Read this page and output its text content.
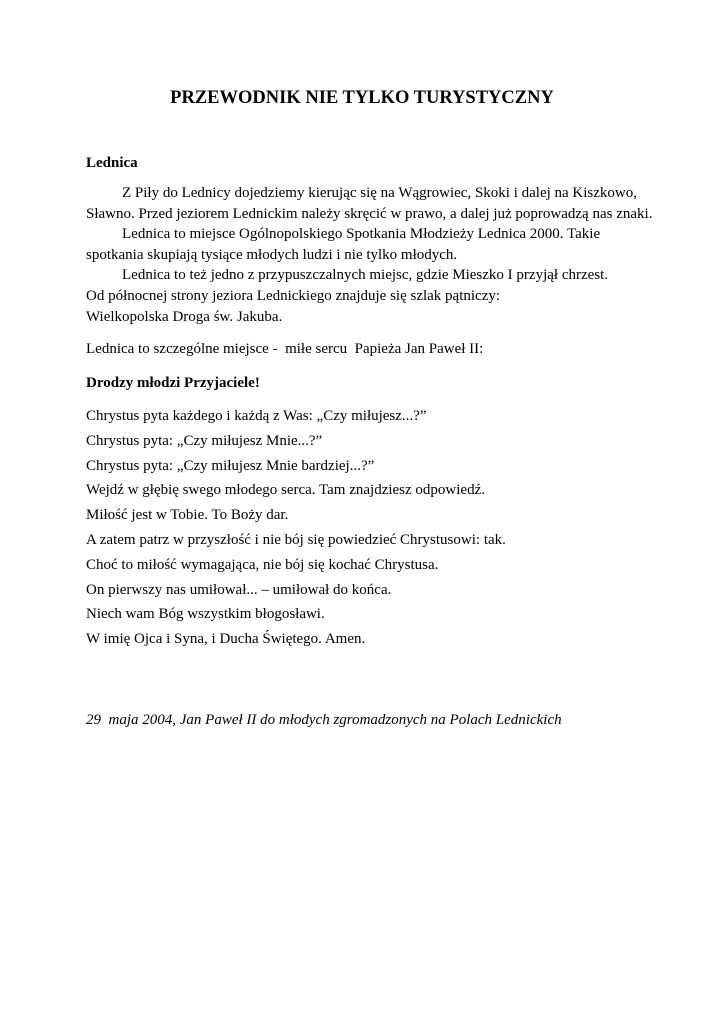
PRZEWODNIK NIE TYLKO TURYSTYCZNY
Lednica
Z Piły do Lednicy dojedziemy kierując się na Wągrowiec, Skoki i dalej na Kiszkowo,
Sławno. Przed jeziorem Lednickim należy skręcić w prawo, a dalej już poprowadzą nas znaki.
Lednica to miejsce Ogólnopolskiego Spotkania Młodzieży Lednica 2000. Takie
spotkania skupiają tysiące młodych ludzi i nie tylko młodych.
Lednica to też jedno z przypuszczalnych miejsc, gdzie Mieszko I przyjął chrzest.
Od północnej strony jeziora Lednickiego znajduje się szlak pątniczy:
Wielkopolska Droga św. Jakuba.
Lednica to szczególne miejsce -  miłe sercu  Papieża Jan Paweł II:
Drodzy młodzi Przyjaciele!
Chrystus pyta każdego i każdą z Was: „Czy miłujesz...?”
Chrystus pyta: „Czy miłujesz Mnie...?”
Chrystus pyta: „Czy miłujesz Mnie bardziej...?”
Wejdź w głębię swego młodego serca. Tam znajdziesz odpowiedź.
Miłość jest w Tobie. To Boży dar.
A zatem patrz w przyszłość i nie bój się powiedzieć Chrystusowi: tak.
Choć to miłość wymagająca, nie bój się kochać Chrystusa.
On pierwszy nas umiłował... – umiłował do końca.
Niech wam Bóg wszystkim błogosławi.
W imię Ojca i Syna, i Ducha Świętego. Amen.
29  maja 2004, Jan Paweł II do młodych zgromadzonych na Polach Lednickich
